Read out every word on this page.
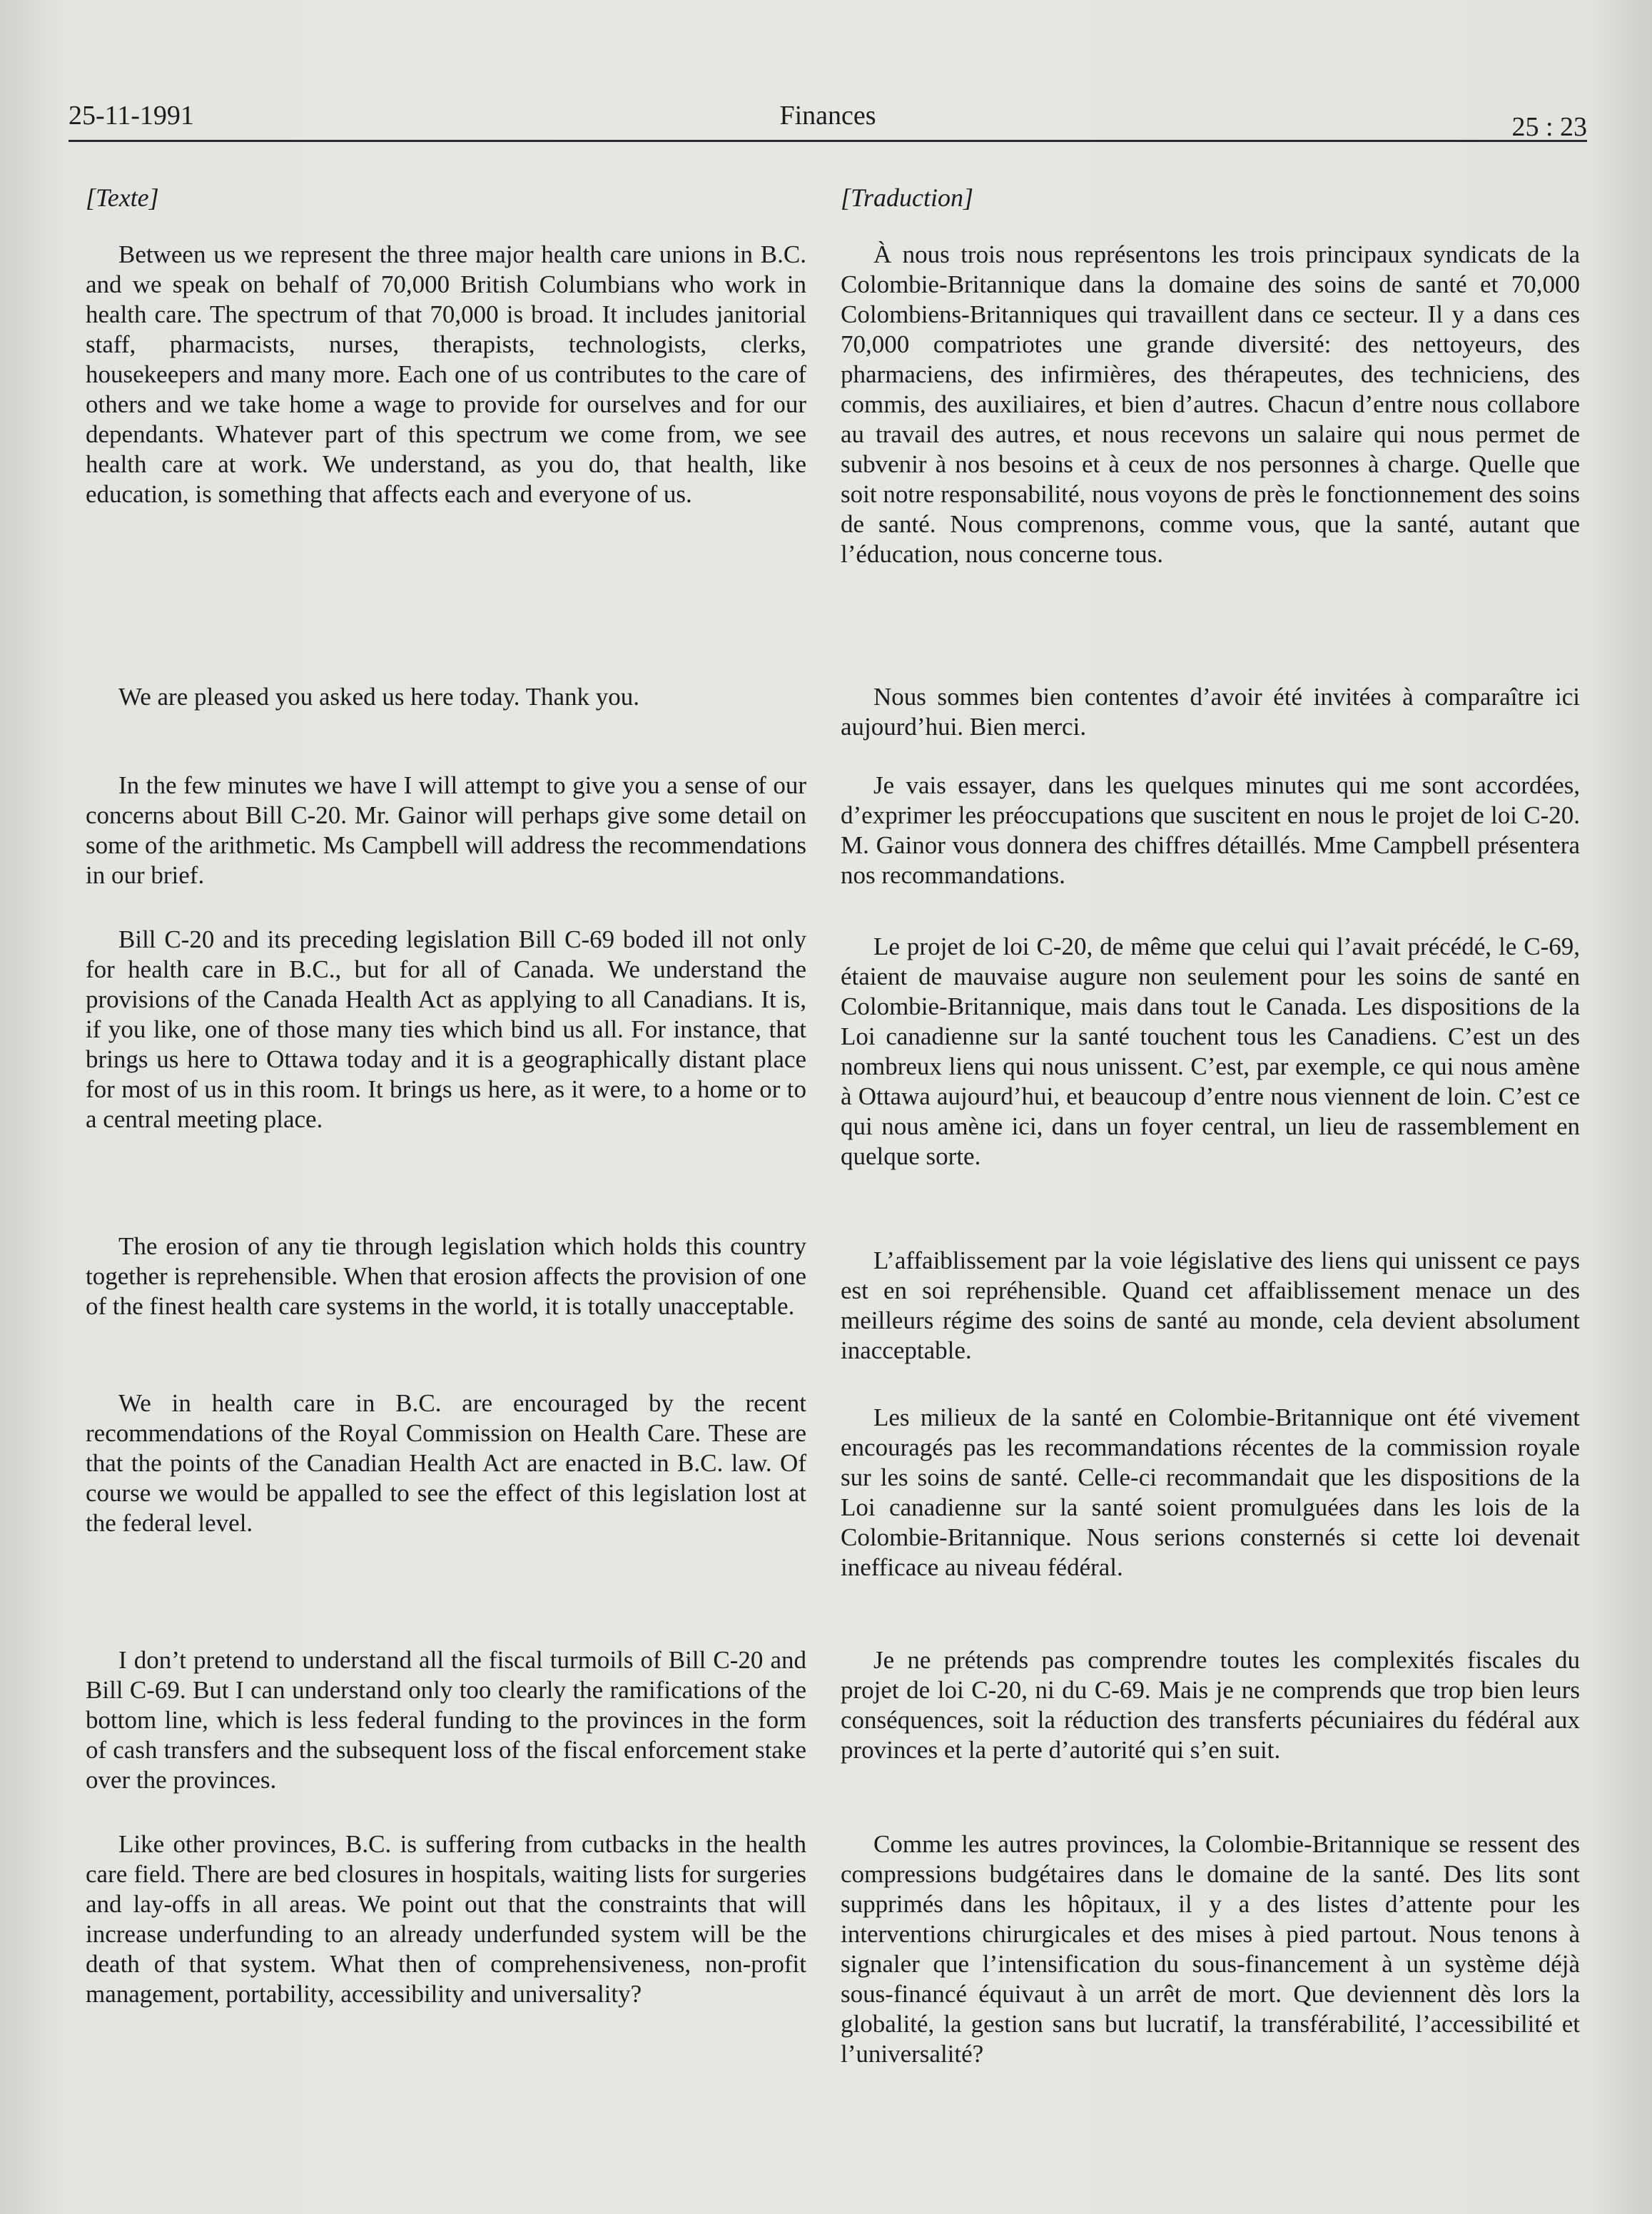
25-11-1991	Finances	25 : 23
[Texte]

Between us we represent the three major health care unions in B.C. and we speak on behalf of 70,000 British Columbians who work in health care. The spectrum of that 70,000 is broad. It includes janitorial staff, pharmacists, nurses, therapists, technologists, clerks, housekeepers and many more. Each one of us contributes to the care of others and we take home a wage to provide for ourselves and for our dependants. Whatever part of this spectrum we come from, we see health care at work. We understand, as you do, that health, like education, is something that affects each and everyone of us.

We are pleased you asked us here today. Thank you.

In the few minutes we have I will attempt to give you a sense of our concerns about Bill C-20. Mr. Gainor will perhaps give some detail on some of the arithmetic. Ms Campbell will address the recommendations in our brief.

Bill C-20 and its preceding legislation Bill C-69 boded ill not only for health care in B.C., but for all of Canada. We understand the provisions of the Canada Health Act as applying to all Canadians. It is, if you like, one of those many ties which bind us all. For instance, that brings us here to Ottawa today and it is a geographically distant place for most of us in this room. It brings us here, as it were, to a home or to a central meeting place.

The erosion of any tie through legislation which holds this country together is reprehensible. When that erosion affects the provision of one of the finest health care systems in the world, it is totally unacceptable.

We in health care in B.C. are encouraged by the recent recommendations of the Royal Commission on Health Care. These are that the points of the Canadian Health Act are enacted in B.C. law. Of course we would be appalled to see the effect of this legislation lost at the federal level.

I don’t pretend to understand all the fiscal turmoils of Bill C-20 and Bill C-69. But I can understand only too clearly the ramifications of the bottom line, which is less federal funding to the provinces in the form of cash transfers and the subsequent loss of the fiscal enforcement stake over the provinces.

Like other provinces, B.C. is suffering from cutbacks in the health care field. There are bed closures in hospitals, waiting lists for surgeries and lay-offs in all areas. We point out that the constraints that will increase underfunding to an already underfunded system will be the death of that system. What then of comprehensiveness, non-profit management, portability, accessibility and universality?

[Traduction]

À nous trois nous représentons les trois principaux syndicats de la Colombie-Britannique dans la domaine des soins de santé et 70,000 Colombiens-Britanniques qui travaillent dans ce secteur. Il y a dans ces 70,000 compatriotes une grande diversité: des nettoyeurs, des pharmaciens, des infirmières, des thérapeutes, des techniciens, des commis, des auxiliaires, et bien d’autres. Chacun d’entre nous collabore au travail des autres, et nous recevons un salaire qui nous permet de subvenir à nos besoins et à ceux de nos personnes à charge. Quelle que soit notre responsabilité, nous voyons de près le fonctionnement des soins de santé. Nous comprenons, comme vous, que la santé, autant que l’éducation, nous concerne tous.

Nous sommes bien contentes d’avoir été invitées à comparaître ici aujourd’hui. Bien merci.

Je vais essayer, dans les quelques minutes qui me sont accordées, d’exprimer les préoccupations que suscitent en nous le projet de loi C-20. M. Gainor vous donnera des chiffres détaillés. Mme Campbell présentera nos recommandations.

Le projet de loi C-20, de même que celui qui l’avait précédé, le C-69, étaient de mauvaise augure non seulement pour les soins de santé en Colombie-Britannique, mais dans tout le Canada. Les dispositions de la Loi canadienne sur la santé touchent tous les Canadiens. C’est un des nombreux liens qui nous unissent. C’est, par exemple, ce qui nous amène à Ottawa aujourd’hui, et beaucoup d’entre nous viennent de loin. C’est ce qui nous amène ici, dans un foyer central, un lieu de rassemblement en quelque sorte.

L’affaiblissement par la voie législative des liens qui unissent ce pays est en soi repréhensible. Quand cet affaiblissement menace un des meilleurs régime des soins de santé au monde, cela devient absolument inacceptable.

Les milieux de la santé en Colombie-Britannique ont été vivement encouragés pas les recommandations récentes de la commission royale sur les soins de santé. Celle-ci recommandait que les dispositions de la Loi canadienne sur la santé soient promulguées dans les lois de la Colombie-Britannique. Nous serions consternés si cette loi devenait inefficace au niveau fédéral.

Je ne prétends pas comprendre toutes les complexités fiscales du projet de loi C-20, ni du C-69. Mais je ne comprends que trop bien leurs conséquences, soit la réduction des transferts pécuniaires du fédéral aux provinces et la perte d’autorité qui s’en suit.

Comme les autres provinces, la Colombie-Britannique se ressent des compressions budgétaires dans le domaine de la santé. Des lits sont supprimés dans les hôpitaux, il y a des listes d’attente pour les interventions chirurgicales et des mises à pied partout. Nous tenons à signaler que l’intensification du sous-financement à un système déjà sous-financé équivaut à un arrêt de mort. Que deviennent dès lors la globalité, la gestion sans but lucratif, la transférabilité, l’accessibilité et l’universalité?
